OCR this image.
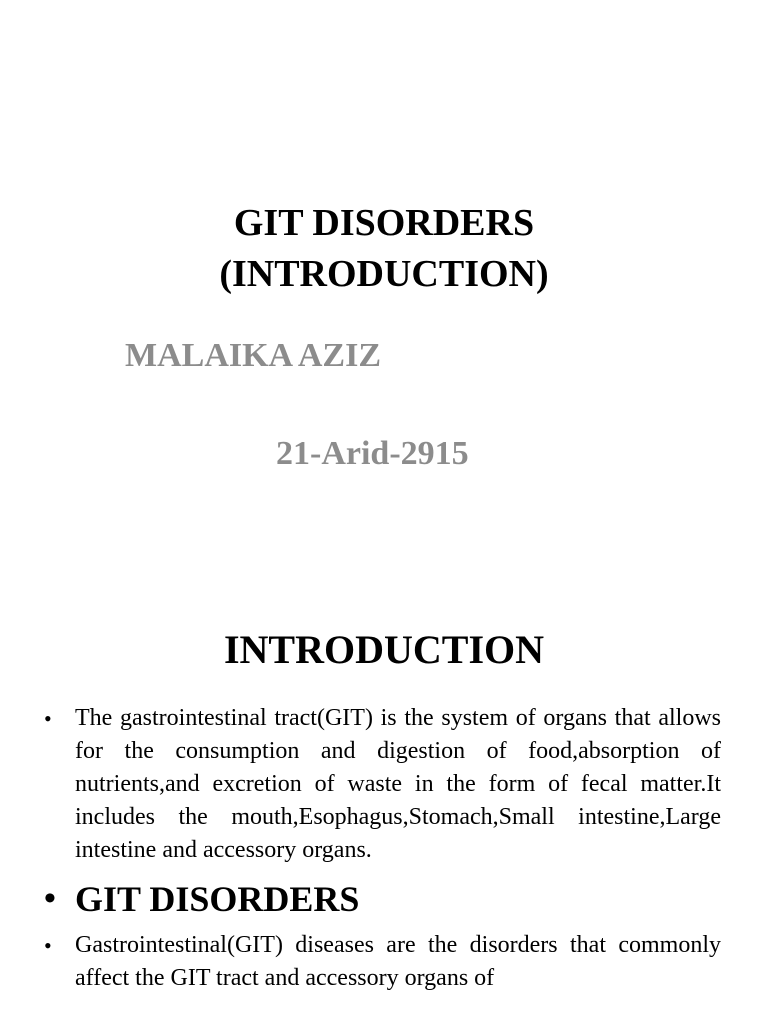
GIT DISORDERS
(INTRODUCTION)
MALAIKA AZIZ
21-Arid-2915
INTRODUCTION
• The gastrointestinal tract(GIT) is the system of organs that allows for the consumption and digestion of food,absorption of nutrients,and excretion of waste in the form of fecal matter.It includes the mouth,Esophagus,Stomach,Small intestine,Large intestine and accessory organs.
• GIT DISORDERS
• Gastrointestinal(GIT) diseases are the disorders that commonly affect the GIT tract and accessory organs of
